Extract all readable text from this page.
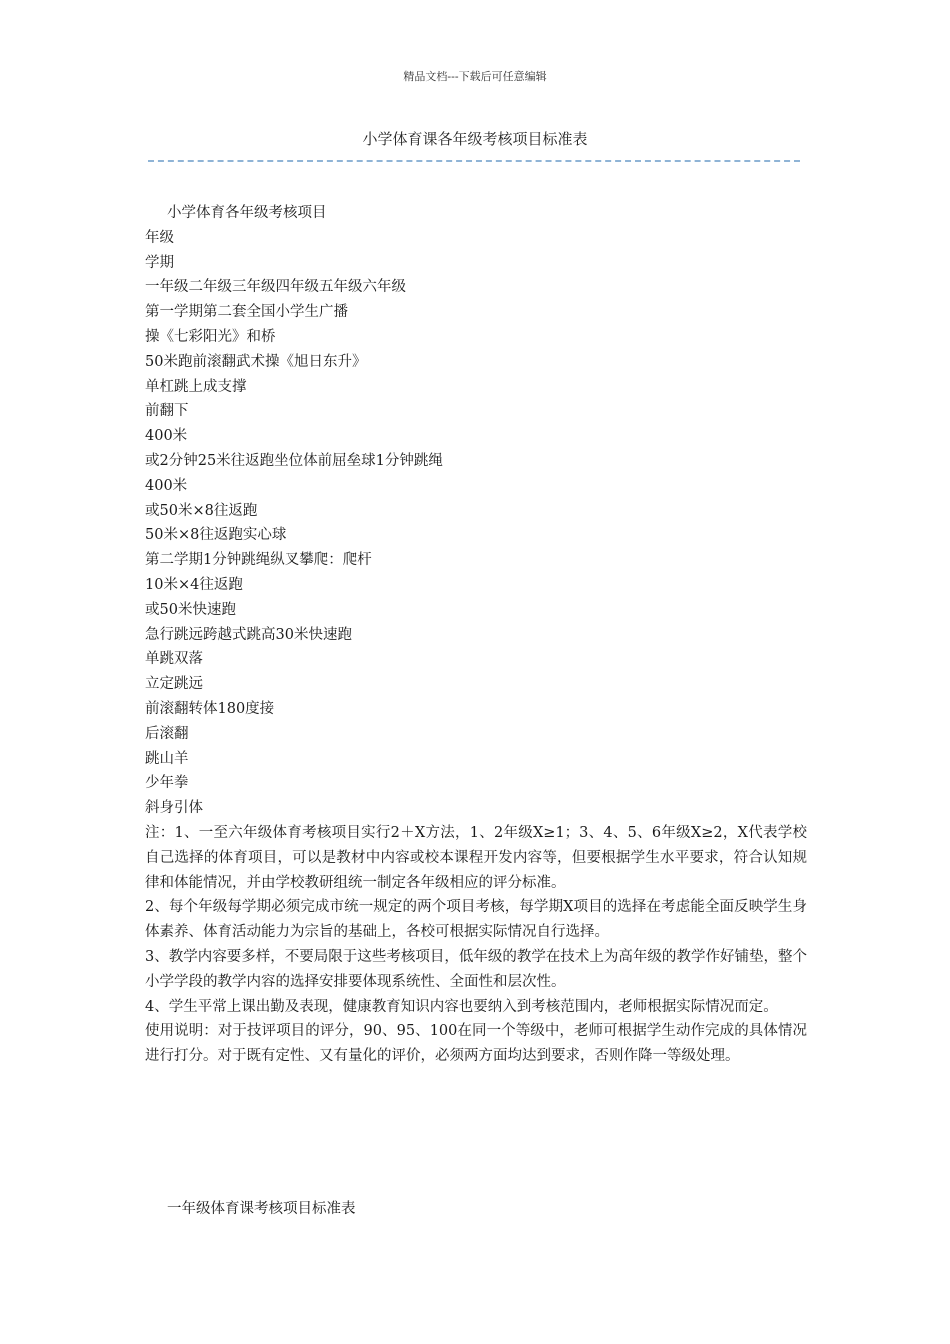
精品文档---下载后可任意编辑
小学体育课各年级考核项目标准表
小学体育各年级考核项目
年级
学期
一年级二年级三年级四年级五年级六年级
第一学期第二套全国小学生广播
操《七彩阳光》和桥
50米跑前滚翻武术操《旭日东升》
单杠跳上成支撑
前翻下
400米
或2分钟25米往返跑坐位体前屈垒球1分钟跳绳
400米
或50米×8往返跑
50米×8往返跑实心球
第二学期1分钟跳绳纵叉攀爬：爬杆
10米×4往返跑
或50米快速跑
急行跳远跨越式跳高30米快速跑
单跳双落
立定跳远
前滚翻转体180度接
后滚翻
跳山羊
少年拳
斜身引体
注：1、一至六年级体育考核项目实行2＋X方法，1、2年级X≥1；3、4、5、6年级X≥2，X代表学校自己选择的体育项目，可以是教材中内容或校本课程开发内容等，但要根据学生水平要求，符合认知规律和体能情况，并由学校教研组统一制定各年级相应的评分标准。
2、每个年级每学期必须完成市统一规定的两个项目考核，每学期X项目的选择在考虑能全面反映学生身体素养、体育活动能力为宗旨的基础上，各校可根据实际情况自行选择。
3、教学内容要多样，不要局限于这些考核项目，低年级的教学在技术上为高年级的教学作好铺垫，整个小学学段的教学内容的选择安排要体现系统性、全面性和层次性。
4、学生平常上课出勤及表现，健康教育知识内容也要纳入到考核范围内，老师根据实际情况而定。
使用说明：对于技评项目的评分，90、95、100在同一个等级中，老师可根据学生动作完成的具体情况进行打分。对于既有定性、又有量化的评价，必须两方面均达到要求，否则作降一等级处理。
一年级体育课考核项目标准表
